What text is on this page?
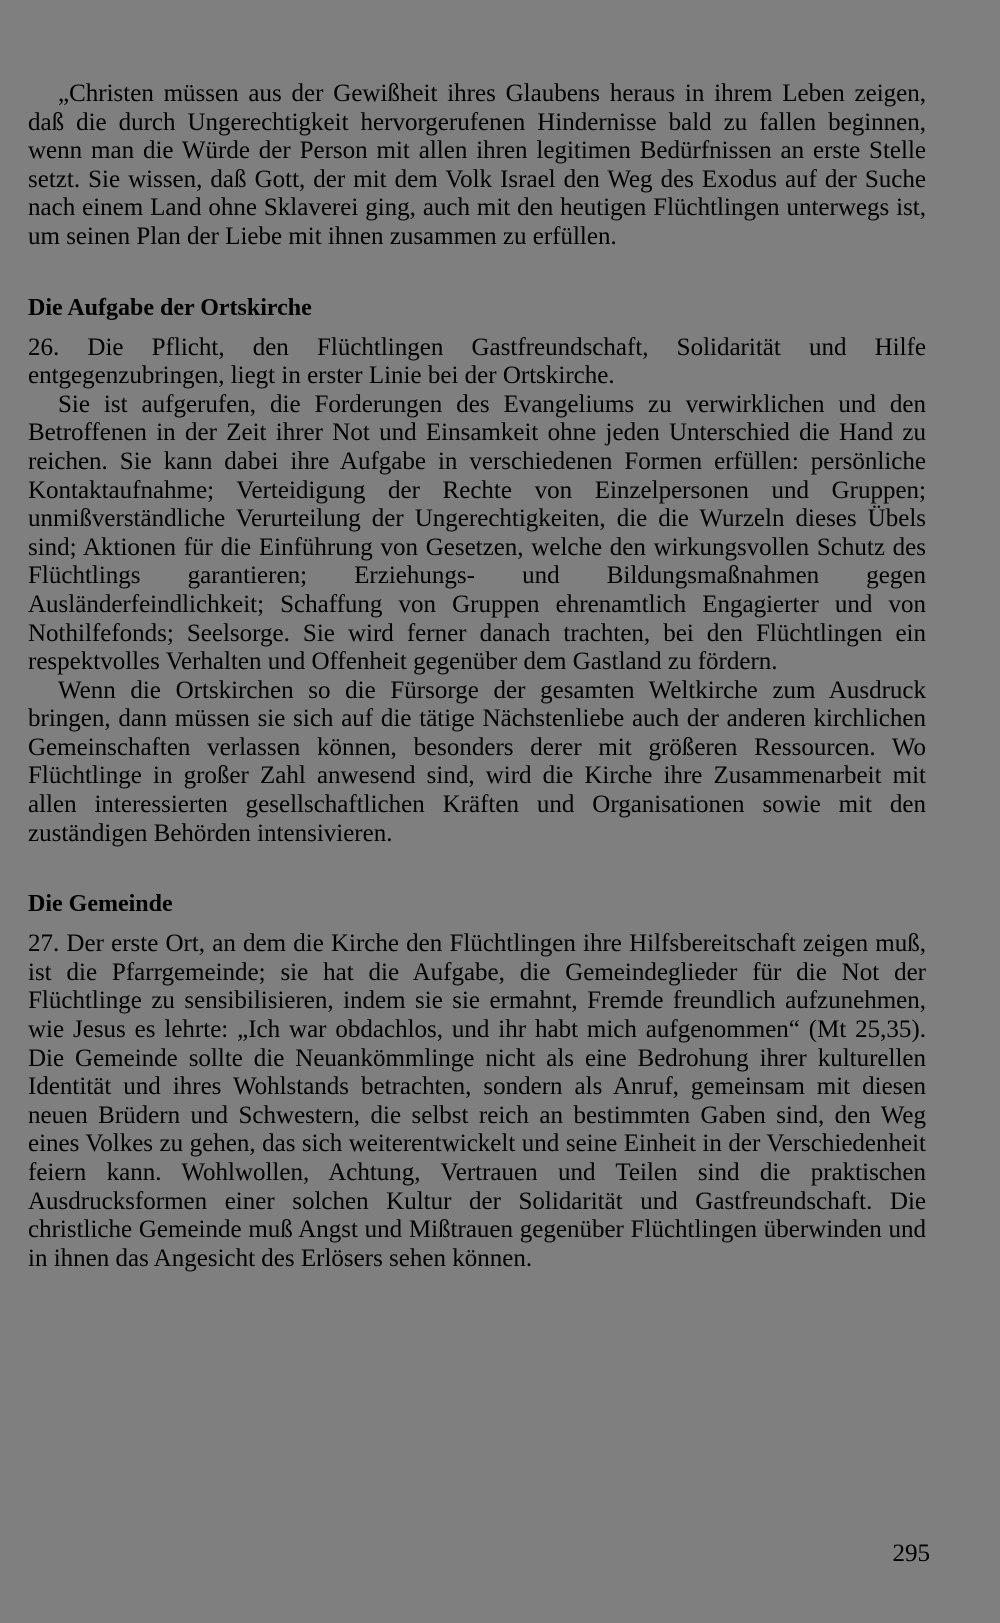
„Christen müssen aus der Gewißheit ihres Glaubens heraus in ihrem Leben zeigen, daß die durch Ungerechtigkeit hervorgerufenen Hindernisse bald zu fallen beginnen, wenn man die Würde der Person mit allen ihren legitimen Bedürfnissen an erste Stelle setzt. Sie wissen, daß Gott, der mit dem Volk Israel den Weg des Exodus auf der Suche nach einem Land ohne Sklaverei ging, auch mit den heutigen Flüchtlingen unterwegs ist, um seinen Plan der Liebe mit ihnen zusammen zu erfüllen.

Die Aufgabe der Ortskirche

26. Die Pflicht, den Flüchtlingen Gastfreundschaft, Solidarität und Hilfe entgegenzubringen, liegt in erster Linie bei der Ortskirche.

Sie ist aufgerufen, die Forderungen des Evangeliums zu verwirklichen und den Betroffenen in der Zeit ihrer Not und Einsamkeit ohne jeden Unterschied die Hand zu reichen. Sie kann dabei ihre Aufgabe in verschiedenen Formen erfüllen: persönliche Kontaktaufnahme; Verteidigung der Rechte von Einzelpersonen und Gruppen; unmißverständliche Verurteilung der Ungerechtigkeiten, die die Wurzeln dieses Übels sind; Aktionen für die Einführung von Gesetzen, welche den wirkungsvollen Schutz des Flüchtlings garantieren; Erziehungs- und Bildungsmaßnahmen gegen Ausländerfeindlichkeit; Schaffung von Gruppen ehrenamtlich Engagierter und von Nothilfefonds; Seelsorge. Sie wird ferner danach trachten, bei den Flüchtlingen ein respektvolles Verhalten und Offenheit gegenüber dem Gastland zu fördern.

Wenn die Ortskirchen so die Fürsorge der gesamten Weltkirche zum Ausdruck bringen, dann müssen sie sich auf die tätige Nächstenliebe auch der anderen kirchlichen Gemeinschaften verlassen können, besonders derer mit größeren Ressourcen. Wo Flüchtlinge in großer Zahl anwesend sind, wird die Kirche ihre Zusammenarbeit mit allen interessierten gesellschaftlichen Kräften und Organisationen sowie mit den zuständigen Behörden intensivieren.

Die Gemeinde

27. Der erste Ort, an dem die Kirche den Flüchtlingen ihre Hilfsbereitschaft zeigen muß, ist die Pfarrgemeinde; sie hat die Aufgabe, die Gemeindeglieder für die Not der Flüchtlinge zu sensibilisieren, indem sie sie ermahnt, Fremde freundlich aufzunehmen, wie Jesus es lehrte: „Ich war obdachlos, und ihr habt mich aufgenommen“ (Mt 25,35). Die Gemeinde sollte die Neuankömmlinge nicht als eine Bedrohung ihrer kulturellen Identität und ihres Wohlstands betrachten, sondern als Anruf, gemeinsam mit diesen neuen Brüdern und Schwestern, die selbst reich an bestimmten Gaben sind, den Weg eines Volkes zu gehen, das sich weiterentwickelt und seine Einheit in der Verschiedenheit feiern kann. Wohlwollen, Achtung, Vertrauen und Teilen sind die praktischen Ausdrucksformen einer solchen Kultur der Solidarität und Gastfreundschaft. Die christliche Gemeinde muß Angst und Mißtrauen gegenüber Flüchtlingen überwinden und in ihnen das Angesicht des Erlösers sehen können.

295
